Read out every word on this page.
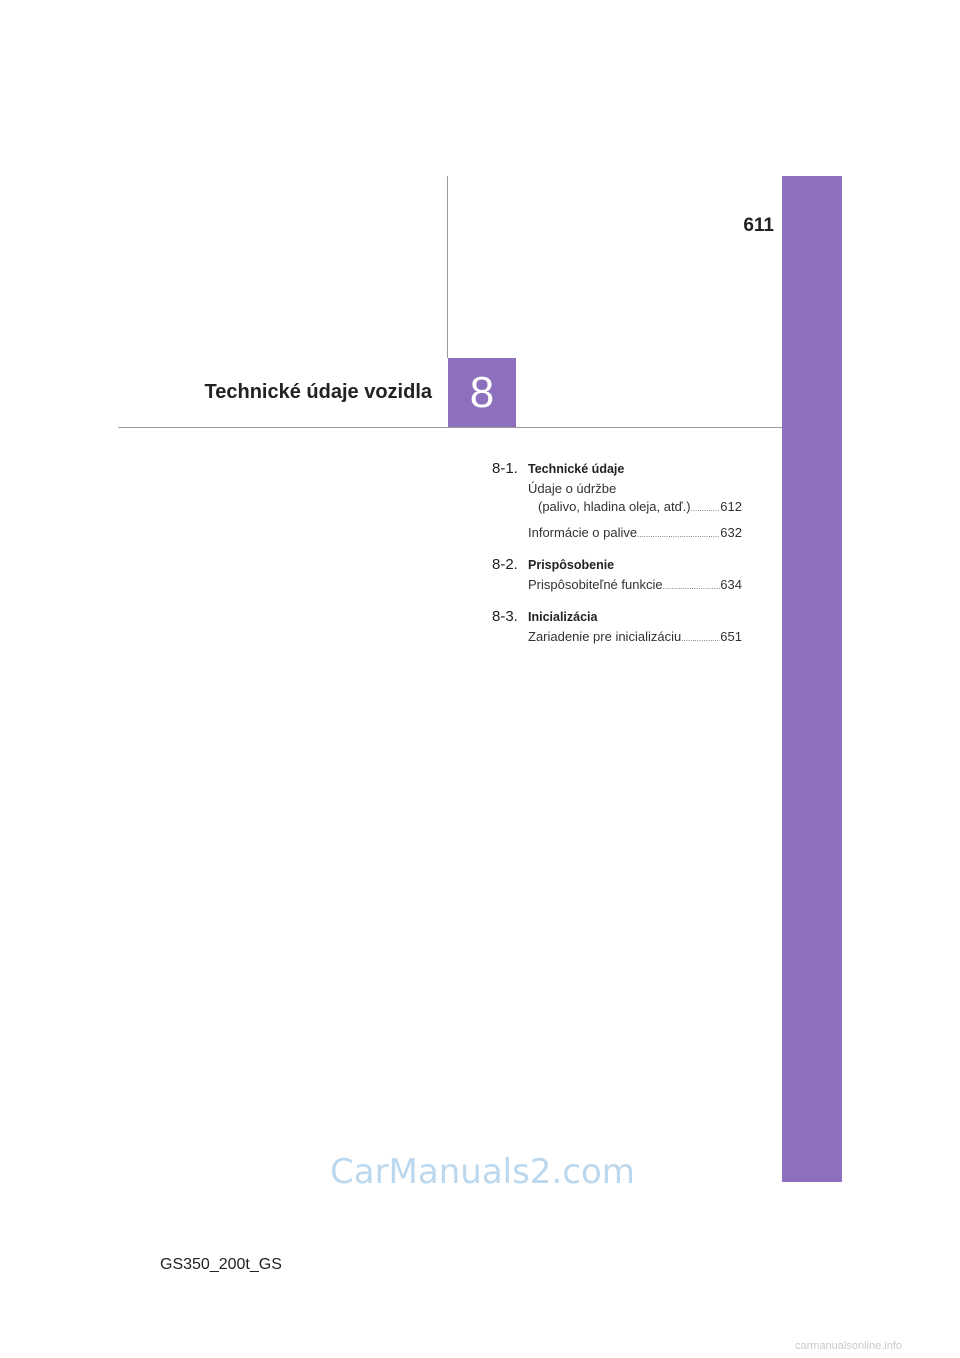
611
Technické údaje vozidla 8
8-1. Technické údaje
Údaje o údržbe
(palivo, hladina oleja, atď.) ..... 612
Informácie o palive .....	632
8-2. Prispôsobenie
Prispôsobiteľné funkcie .....	634
8-3. Inicializácia
Zariadenie pre inicializáciu .....	651
CarManuals2.com
GS350_200t_GS
carmanualsonline.info
